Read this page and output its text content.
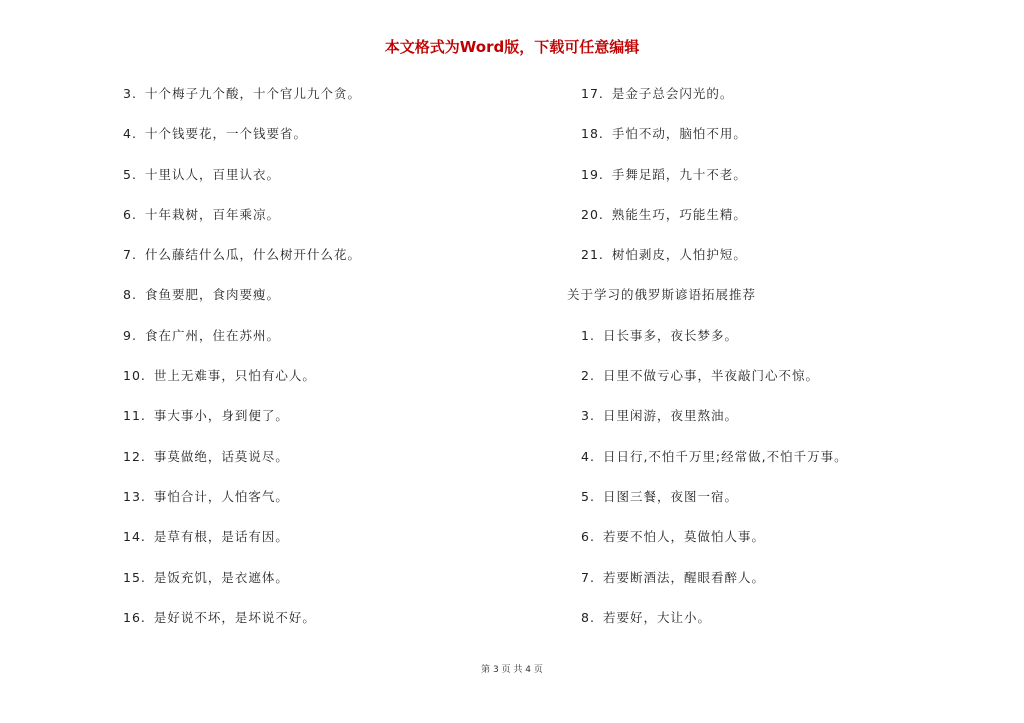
本文格式为Word版，下载可任意编辑
3. 十个梅子九个酸，十个官儿九个贪。
4. 十个钱要花，一个钱要省。
5. 十里认人，百里认衣。
6. 十年栽树，百年乘凉。
7. 什么藤结什么瓜，什么树开什么花。
8. 食鱼要肥，食肉要瘦。
9. 食在广州，住在苏州。
10. 世上无难事，只怕有心人。
11. 事大事小，身到便了。
12. 事莫做绝，话莫说尽。
13. 事怕合计，人怕客气。
14. 是草有根，是话有因。
15. 是饭充饥，是衣遮体。
16. 是好说不坏，是坏说不好。
17. 是金子总会闪光的。
18. 手怕不动，脑怕不用。
19. 手舞足蹈，九十不老。
20. 熟能生巧，巧能生精。
21. 树怕剥皮，人怕护短。
关于学习的俄罗斯谚语拓展推荐
1. 日长事多，夜长梦多。
2. 日里不做亏心事，半夜敲门心不惊。
3. 日里闲游，夜里熬油。
4. 日日行,不怕千万里;经常做,不怕千万事。
5. 日图三餐，夜图一宿。
6. 若要不怕人，莫做怕人事。
7. 若要断酒法，醒眼看醉人。
8. 若要好，大让小。
第 3 页 共 4 页
